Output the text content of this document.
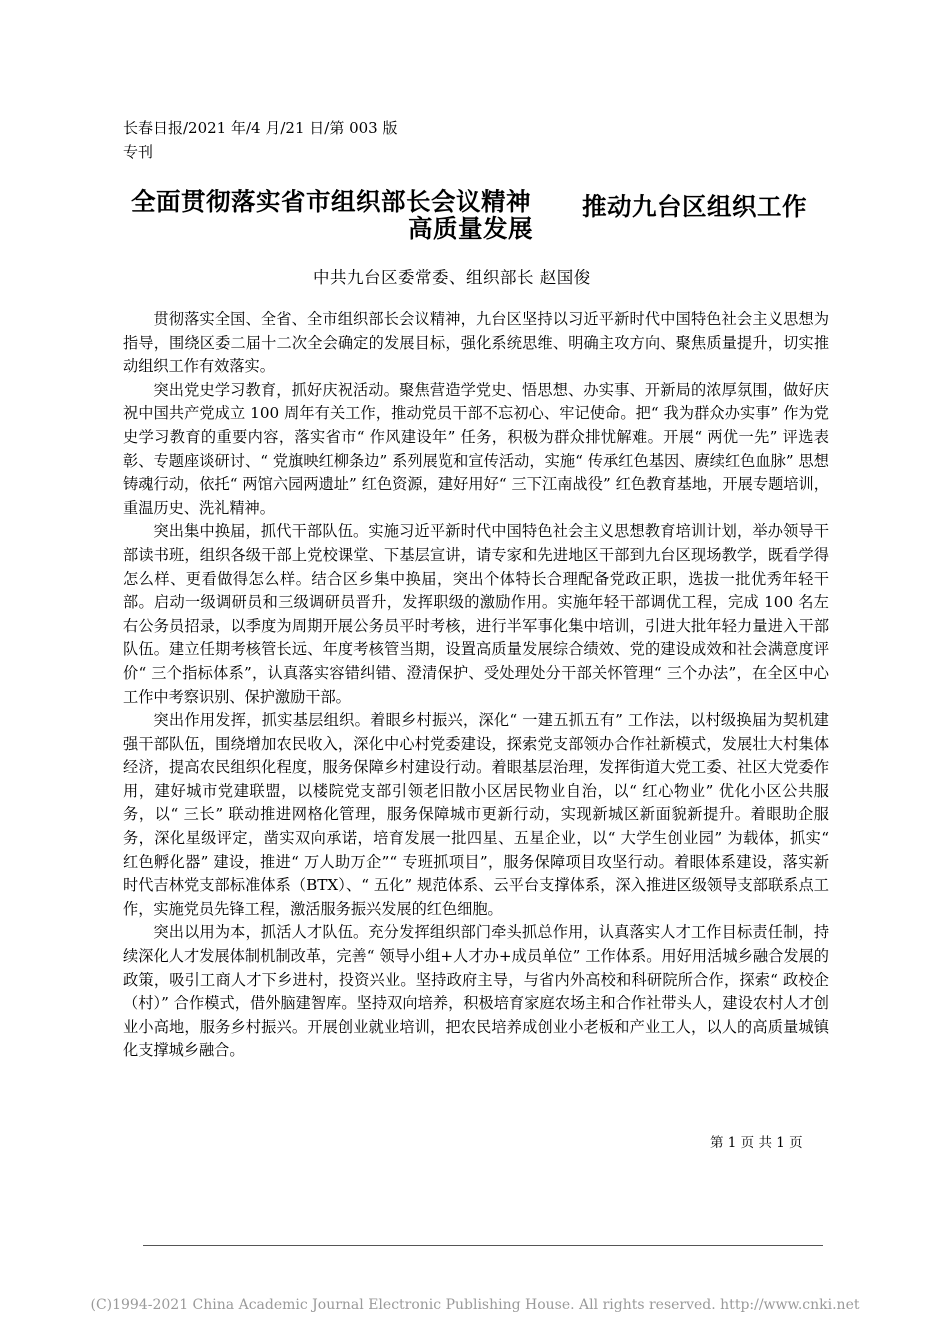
长春日报/2021 年/4 月/21 日/第 003 版专刊
全面贯彻落实省市组织部长会议精神 推动九台区组织工作
高质量发展
中共九台区委常委、组织部长 赵国俊

贯彻落实全国、全省、全市组织部长会议精神，九台区坚持以习近平新时代中国特色社会主义思想为指导，围绕区委二届十二次全会确定的发展目标，强化系统思维、明确主攻方向、聚焦质量提升，切实推动组织工作有效落实。

突出党史学习教育，抓好庆祝活动。聚焦营造学党史、悟思想、办实事、开新局的浓厚氛围，做好庆祝中国共产党成立 100 周年有关工作，推动党员干部不忘初心、牢记使命。把“ 我为群众办实事” 作为党史学习教育的重要内容，落实省市“ 作风建设年” 任务，积极为群众排忧解难。开展“ 两优一先” 评选表彰、专题座谈研讨、“ 党旗映红柳条边” 系列展览和宣传活动，实施“ 传承红色基因、赓续红色血脉” 思想铸魂行动，依托“ 两馆六园两遗址” 红色资源，建好用好“ 三下江南战役” 红色教育基地，开展专题培训，重温历史、洗礼精神。

突出集中换届，抓代干部队伍。实施习近平新时代中国特色社会主义思想教育培训计划，举办领导干部读书班，组织各级干部上党校课堂、下基层宣讲，请专家和先进地区干部到九台区现场教学，既看学得怎么样、更看做得怎么样。结合区乡集中换届，突出个体特长合理配备党政正职，选拔一批优秀年轻干部。启动一级调研员和三级调研员晋升，发挥职级的激励作用。实施年轻干部调优工程，完成 100 名左右公务员招录，以季度为周期开展公务员平时考核，进行半军事化集中培训，引进大批年轻力量进入干部队伍。建立任期考核管长远、年度考核管当期，设置高质量发展综合绩效、党的建设成效和社会满意度评价“ 三个指标体系”，认真落实容错纠错、澄清保护、受处理处分干部关怀管理“ 三个办法”，在全区中心工作中考察识别、保护激励干部。

突出作用发挥，抓实基层组织。着眼乡村振兴，深化“ 一建五抓五有” 工作法，以村级换届为契机建强干部队伍，围绕增加农民收入，深化中心村党委建设，探索党支部领办合作社新模式，发展壮大村集体经济，提高农民组织化程度，服务保障乡村建设行动。着眼基层治理，发挥街道大党工委、社区大党委作用，建好城市党建联盟，以楼院党支部引领老旧散小区居民物业自治，以“ 红心物业” 优化小区公共服务，以“ 三长” 联动推进网格化管理，服务保障城市更新行动，实现新城区新面貌新提升。着眼助企服务，深化星级评定，凿实双向承诺，培育发展一批四星、五星企业，以“ 大学生创业园” 为载体，抓实“ 红色孵化器” 建设，推进“ 万人助万企”“ 专班抓项目”，服务保障项目攻坚行动。着眼体系建设，落实新时代吉林党支部标准体系（BTX）、“ 五化” 规范体系、云平台支撑体系，深入推进区级领导支部联系点工作，实施党员先锋工程，激活服务振兴发展的红色细胞。

突出以用为本，抓活人才队伍。充分发挥组织部门牵头抓总作用，认真落实人才工作目标责任制，持续深化人才发展体制机制改革，完善“ 领导小组+人才办+成员单位” 工作体系。用好用活城乡融合发展的政策，吸引工商人才下乡进村，投资兴业。坚持政府主导，与省内外高校和科研院所合作，探索“ 政校企（村）” 合作模式，借外脑建智库。坚持双向培养，积极培育家庭农场主和合作社带头人，建设农村人才创业小高地，服务乡村振兴。开展创业就业培训，把农民培养成创业小老板和产业工人，以人的高质量城镇化支撑城乡融合。

第 1 页 共 1 页
(C)1994-2021 China Academic Journal Electronic Publishing House. All rights reserved. http://www.cnki.net
